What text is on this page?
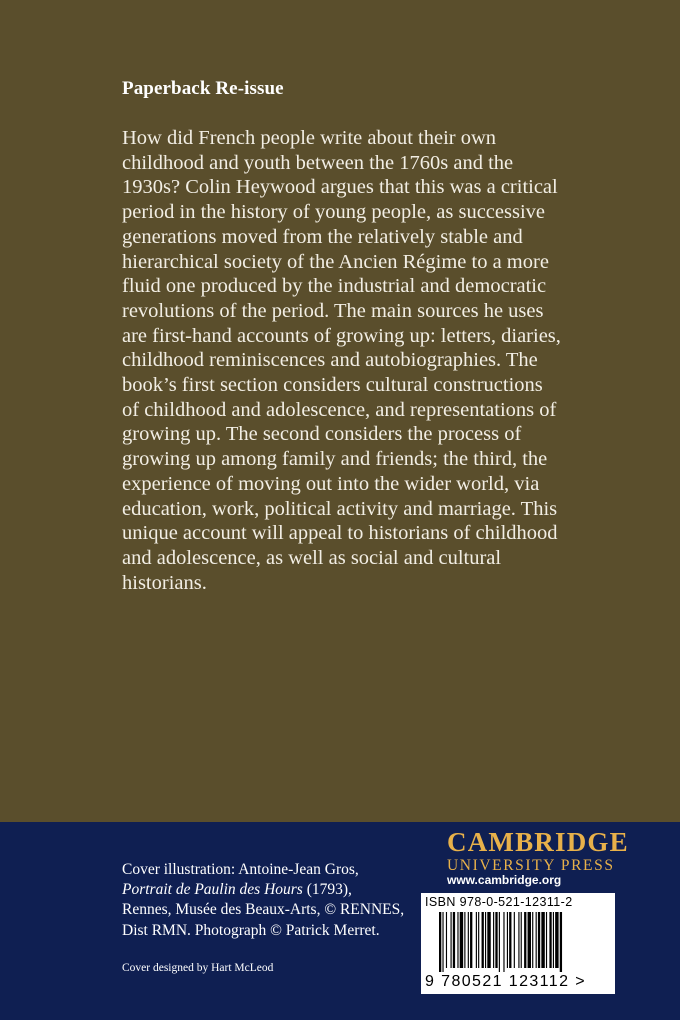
Paperback Re-issue
How did French people write about their own
childhood and youth between the 1760s and the
1930s? Colin Heywood argues that this was a critical
period in the history of young people, as successive
generations moved from the relatively stable and
hierarchical society of the Ancien Régime to a more
fluid one produced by the industrial and democratic
revolutions of the period. The main sources he uses
are first-hand accounts of growing up: letters, diaries,
childhood reminiscences and autobiographies. The
book’s first section considers cultural constructions
of childhood and adolescence, and representations of
growing up. The second considers the process of
growing up among family and friends; the third, the
experience of moving out into the wider world, via
education, work, political activity and marriage. This
unique account will appeal to historians of childhood
and adolescence, as well as social and cultural
historians.
Cover illustration: Antoine-Jean Gros,
Portrait de Paulin des Hours (1793),
Rennes, Musée des Beaux-Arts, © RENNES,
Dist RMN. Photograph © Patrick Merret.
Cover designed by Hart McLeod
CAMBRIDGE
UNIVERSITY PRESS
www.cambridge.org
ISBN 978-0-521-12311-2
9 780521 123112 >
